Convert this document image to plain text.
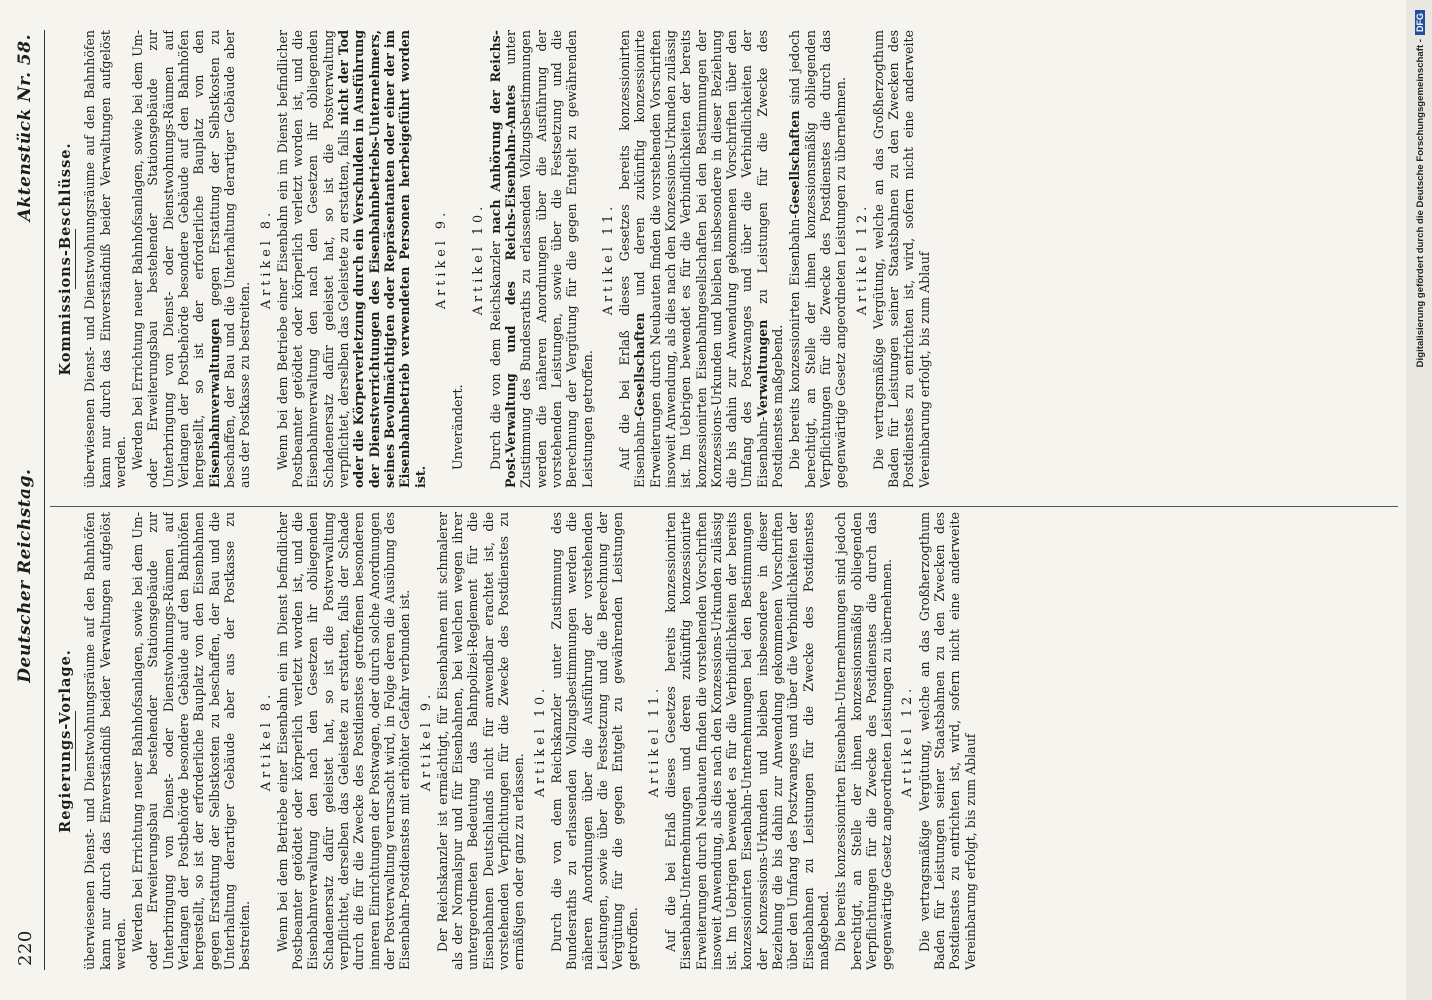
220
Deutscher Reichstag.
Aktenstück Nr. 58.
Regierungs-Vorlage. überwiesenen Dienst- und Dienstwohnungsräume auf den Bahnhöfen kann nur durch das Einverständniß beider Verwaltungen aufgelöst werden. Werden bei Errichtung neuer Bahnhofsanlagen, sowie bei dem Um- oder Erweiterungsbau bestehender Stationsgebäude zur Unterbringung von Dienst- oder Dienstwohnungs-Räumen auf Verlangen der Postbehörde besondere Gebäude auf den Bahnhöfen hergestellt, so ist der erforderliche Bauplatz von den Eisenbahnen gegen Erstattung der Selbstkosten zu beschaffen, der Bau und die Unterhaltung derartiger Gebäude aber aus der Postkasse zu bestreiten.

Artikel 8. Wenn bei dem Betriebe einer Eisenbahn ein im Dienst befindlicher Postbeamter getödtet oder körperlich verletzt worden ist, und die Eisenbahnverwaltung den nach den Gesetzen ihr obliegenden Schadenersatz dafür geleistet hat, so ist die Postverwaltung verpflichtet, derselben das Geleistete zu erstatten, falls der Schade durch die für die Zwecke des Postdienstes getroffenen besonderen inneren Einrichtungen der Postwagen, oder durch solche Anordnungen der Postverwaltung verursacht wird, in Folge deren die Ausübung des Eisenbahn-Postdienstes mit erhöhter Gefahr verbunden ist. Artikel 9. Der Reichskanzler ist ermächtigt, für Eisenbahnen mit schmalerer als der Normalspur und für Eisenbahnen, bei welchen wegen ihrer untergeordneten Bedeutung das Bahnpolizei-Reglement für die Eisenbahnen Deutschlands nicht für anwendbar erachtet ist, die vorstehenden Verpflichtungen für die Zwecke des Postdienstes zu ermäßigen oder ganz zu erlassen.

Artikel 10. Durch die von dem Reichskanzler unter Zustimmung des Bundesraths zu erlassenden Vollzugsbestimmungen werden die näheren Anordnungen über die Ausführung der vorstehenden Leistungen, sowie über die Festsetzung und die Berechnung der Vergütung für die gegen Entgelt zu gewährenden Leistungen getroffen.

Artikel 11. Auf die bei Erlaß dieses Gesetzes bereits konzessionirten Eisenbahn-Unternehmungen und deren zukünftig konzessionirte Erweiterungen durch Neubauten finden die vorstehenden Vorschriften insoweit Anwendung, als dies nach den Konzessions-Urkunden zulässig ist. Im Uebrigen bewendet es für die Verbindlichkeiten der bereits konzessionirten Eisenbahn-Unternehmungen bei den Bestimmungen der Konzessions-Urkunden und bleiben insbesondere in dieser Beziehung die bis dahin zur Anwendung gekommenen Vorschriften über den Umfang des Postzwanges und über die Verbindlichkeiten der Eisenbahnen zu Leistungen für die Zwecke des Postdienstes maßgebend. Die bereits konzessionirten Eisenbahn-Unternehmungen sind jedoch berechtigt, an Stelle der ihnen konzessionsmäßig obliegenden Verpflichtungen für die Zwecke des Postdienstes die durch das gegenwärtige Gesetz angeordneten Leistungen zu übernehmen. Artikel 12. Die vertragsmäßige Vergütung, welche an das Großherzogthum Baden für Leistungen seiner Staatsbahnen zu den Zwecken des Postdienstes zu entrichten ist, wird, sofern nicht eine anderweite Vereinbarung erfolgt, bis zum Ablauf

Kommissions-Beschlüsse. überwiesenen Dienst- und Dienstwohnungsräume auf den Bahnhöfen kann nur durch das Einverständniß beider Verwaltungen aufgelöst werden. Werden bei Errichtung neuer Bahnhofsanlagen, sowie bei dem Um- oder Erweiterungsbau bestehender Stationsgebäude zur Unterbringung von Dienst- oder Dienstwohnungs-Räumen auf Verlangen der Postbehörde besondere Gebäude auf den Bahnhöfen hergestellt, so ist der erforderliche Bauplatz von den Eisenbahnverwaltungen gegen Erstattung der Selbstkosten zu beschaffen, der Bau und die Unterhaltung derartiger Gebäude aber aus der Postkasse zu bestreiten.

Artikel 8. Wenn bei dem Betriebe einer Eisenbahn ein im Dienst befindlicher Postbeamter getödtet oder körperlich verletzt worden ist, und die Eisenbahnverwaltung den nach den Gesetzen ihr obliegenden Schadenersatz dafür geleistet hat, so ist die Postverwaltung verpflichtet, derselben das Geleistete zu erstatten, falls nicht der Tod oder die Körperverletzung durch ein Verschulden in Ausführung der Dienstverrichtungen des Eisenbahnbetriebs-Unternehmers, seines Bevollmächtigten oder Repräsentanten oder einer der im Eisenbahnbetrieb verwendeten Personen herbeigeführt worden ist.

Artikel 9.

Unverändert.

Artikel 10. Durch die von dem Reichskanzler nach Anhörung der Reichs-Post-Verwaltung und des Reichs-Eisenbahn-Amtes unter Zustimmung des Bundesraths zu erlassenden Vollzugsbestimmungen werden die näheren Anordnungen über die Ausführung der vorstehenden Leistungen, sowie über die Festsetzung und die Berechnung der Vergütung für die gegen Entgelt zu gewährenden Leistungen getroffen.

Artikel 11. Auf die bei Erlaß dieses Gesetzes bereits konzessionirten Eisenbahn-Gesellschaften und deren zukünftig konzessionirte Erweiterungen durch Neubauten finden die vorstehenden Vorschriften insoweit Anwendung, als dies nach den Konzessions-Urkunden zulässig ist. Im Uebrigen bewendet es für die Verbindlichkeiten der bereits konzessionirten Eisenbahngesellschaften bei den Bestimmungen der Konzessions-Urkunden und bleiben insbesondere in dieser Beziehung die bis dahin zur Anwendung gekommenen Vorschriften über den Umfang des Postzwanges und über die Verbindlichkeiten der Eisenbahn-Verwaltungen zu Leistungen für die Zwecke des Postdienstes maßgebend. Die bereits konzessionirten Eisenbahn-Gesellschaften sind jedoch berechtigt, an Stelle der ihnen konzessionsmäßig obliegenden Verpflichtungen für die Zwecke des Postdienstes die durch das gegenwärtige Gesetz angeordneten Leistungen zu übernehmen. Artikel 12. Die vertragsmäßige Vergütung, welche an das Großherzogthum Baden für Leistungen seiner Staatsbahnen zu den Zwecken des Postdienstes zu entrichten ist, wird, sofern nicht eine anderweite Vereinbarung erfolgt, bis zum Ablauf

Digitalisierung gefördert durch die Deutsche Forschungsgemeinschaft -
DFG
